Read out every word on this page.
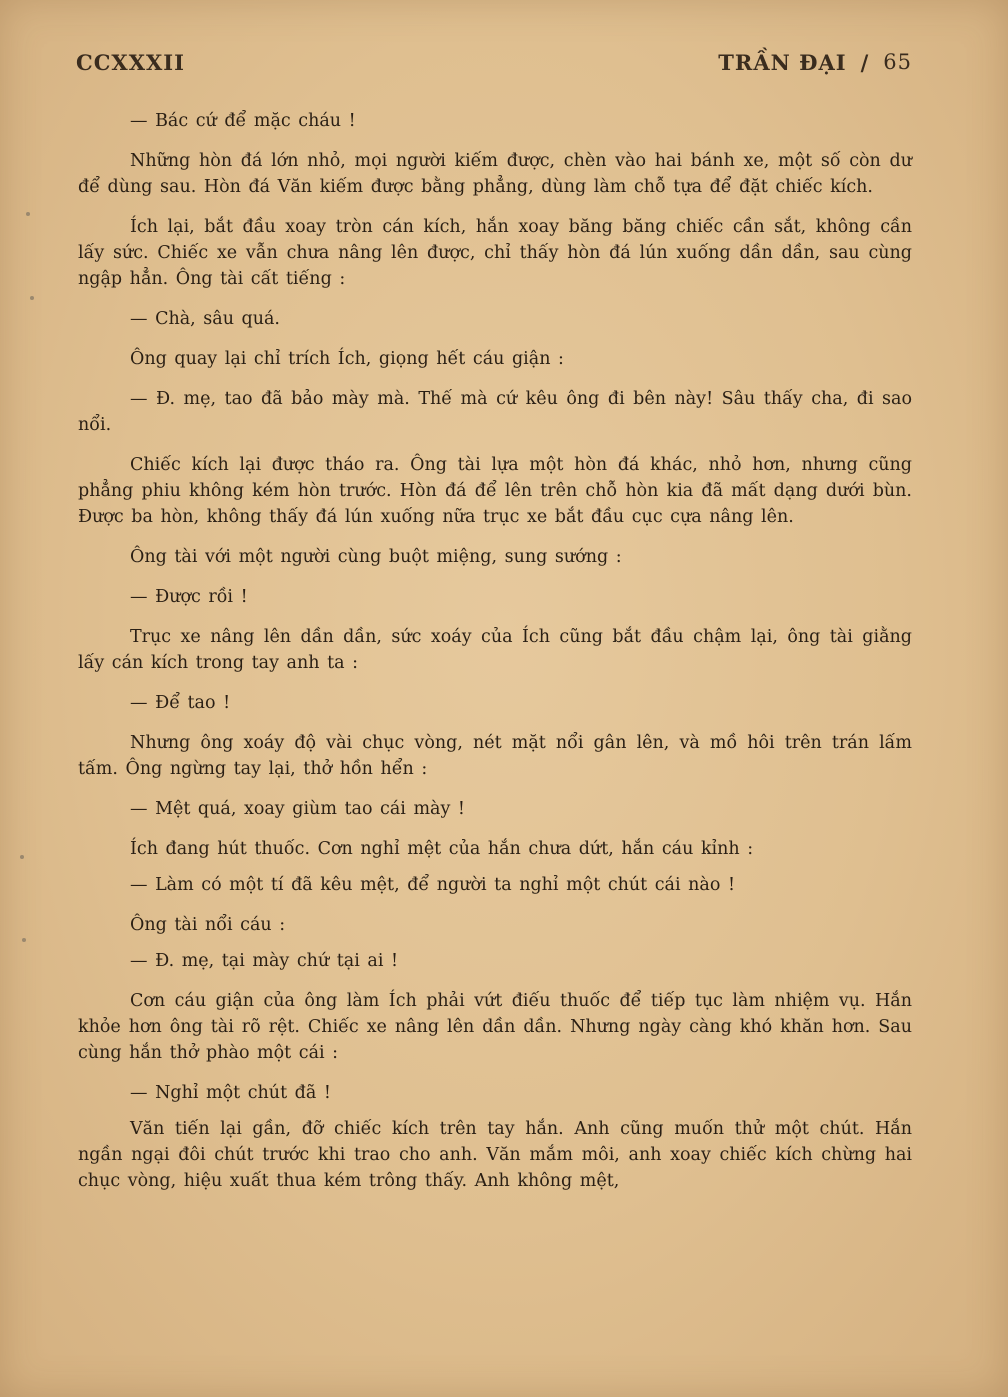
CCXXXII	TRẦN ĐẠI / 65

— Bác cứ để mặc cháu !

Những hòn đá lớn nhỏ, mọi người kiếm được, chèn vào hai bánh xe, một số còn dư để dùng sau. Hòn đá Văn kiếm được bằng phẳng, dùng làm chỗ tựa để đặt chiếc kích.

Ích lại, bắt đầu xoay tròn cán kích, hắn xoay băng băng chiếc cần sắt, không cần lấy sức. Chiếc xe vẫn chưa nâng lên được, chỉ thấy hòn đá lún xuống dần dần, sau cùng ngập hẳn. Ông tài cất tiếng :

— Chà, sâu quá.

Ông quay lại chỉ trích Ích, giọng hết cáu giận :

— Đ. mẹ, tao đã bảo mày mà. Thế mà cứ kêu ông đi bên này! Sâu thấy cha, đi sao nổi.

Chiếc kích lại được tháo ra. Ông tài lựa một hòn đá khác, nhỏ hơn, nhưng cũng phẳng phiu không kém hòn trước. Hòn đá để lên trên chỗ hòn kia đã mất dạng dưới bùn. Được ba hòn, không thấy đá lún xuống nữa trục xe bắt đầu cục cựa nâng lên.

Ông tài với một người cùng buột miệng, sung sướng :

— Được rồi !

Trục xe nâng lên dần dần, sức xoáy của Ích cũng bắt đầu chậm lại, ông tài giằng lấy cán kích trong tay anh ta :

— Để tao !

Nhưng ông xoáy độ vài chục vòng, nét mặt nổi gân lên, và mồ hôi trên trán lấm tấm. Ông ngừng tay lại, thở hồn hển :

— Mệt quá, xoay giùm tao cái mày !

Ích đang hút thuốc. Cơn nghỉ mệt của hắn chưa dứt, hắn cáu kỉnh :

— Làm có một tí đã kêu mệt, để người ta nghỉ một chút cái nào !

Ông tài nổi cáu :

— Đ. mẹ, tại mày chứ tại ai !

Cơn cáu giận của ông làm Ích phải vứt điếu thuốc để tiếp tục làm nhiệm vụ. Hắn khỏe hơn ông tài rõ rệt. Chiếc xe nâng lên dần dần. Nhưng ngày càng khó khăn hơn. Sau cùng hắn thở phào một cái :

— Nghỉ một chút đã !

Văn tiến lại gần, đỡ chiếc kích trên tay hắn. Anh cũng muốn thử một chút. Hắn ngần ngại đôi chút trước khi trao cho anh. Văn mắm môi, anh xoay chiếc kích chừng hai chục vòng, hiệu xuất thua kém trông thấy. Anh không mệt,
